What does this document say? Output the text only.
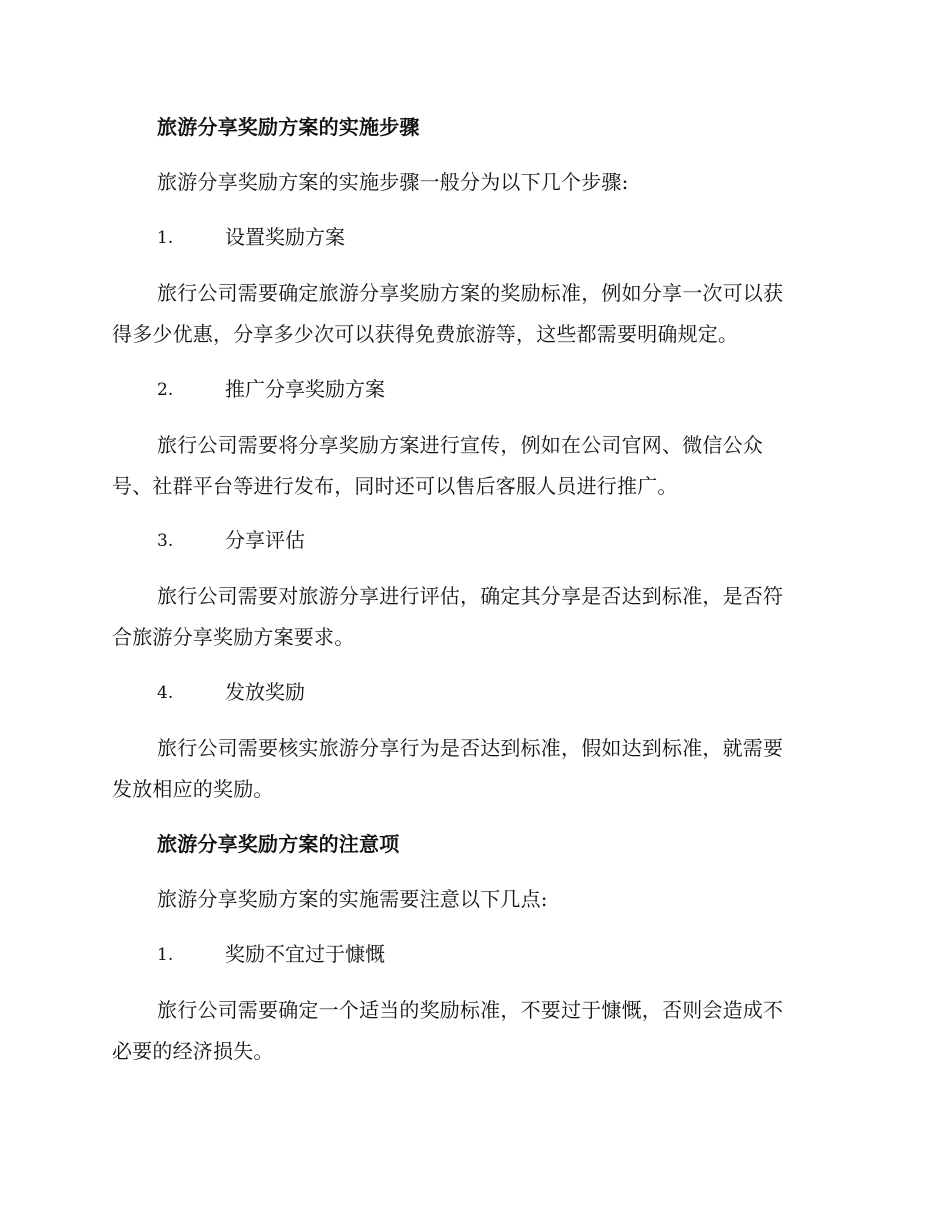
旅游分享奖励方案的实施步骤
旅游分享奖励方案的实施步骤一般分为以下几个步骤:
1.	设置奖励方案
旅行公司需要确定旅游分享奖励方案的奖励标准，例如分享一次可以获
得多少优惠，分享多少次可以获得免费旅游等，这些都需要明确规定。
2.	推广分享奖励方案
旅行公司需要将分享奖励方案进行宣传，例如在公司官网、微信公众
号、社群平台等进行发布，同时还可以售后客服人员进行推广。
3.	分享评估
旅行公司需要对旅游分享进行评估，确定其分享是否达到标准，是否符
合旅游分享奖励方案要求。
4.	发放奖励
旅行公司需要核实旅游分享行为是否达到标准，假如达到标准，就需要
发放相应的奖励。
旅游分享奖励方案的注意项
旅游分享奖励方案的实施需要注意以下几点:
1.	奖励不宜过于慷慨
旅行公司需要确定一个适当的奖励标准，不要过于慷慨，否则会造成不
必要的经济损失。
